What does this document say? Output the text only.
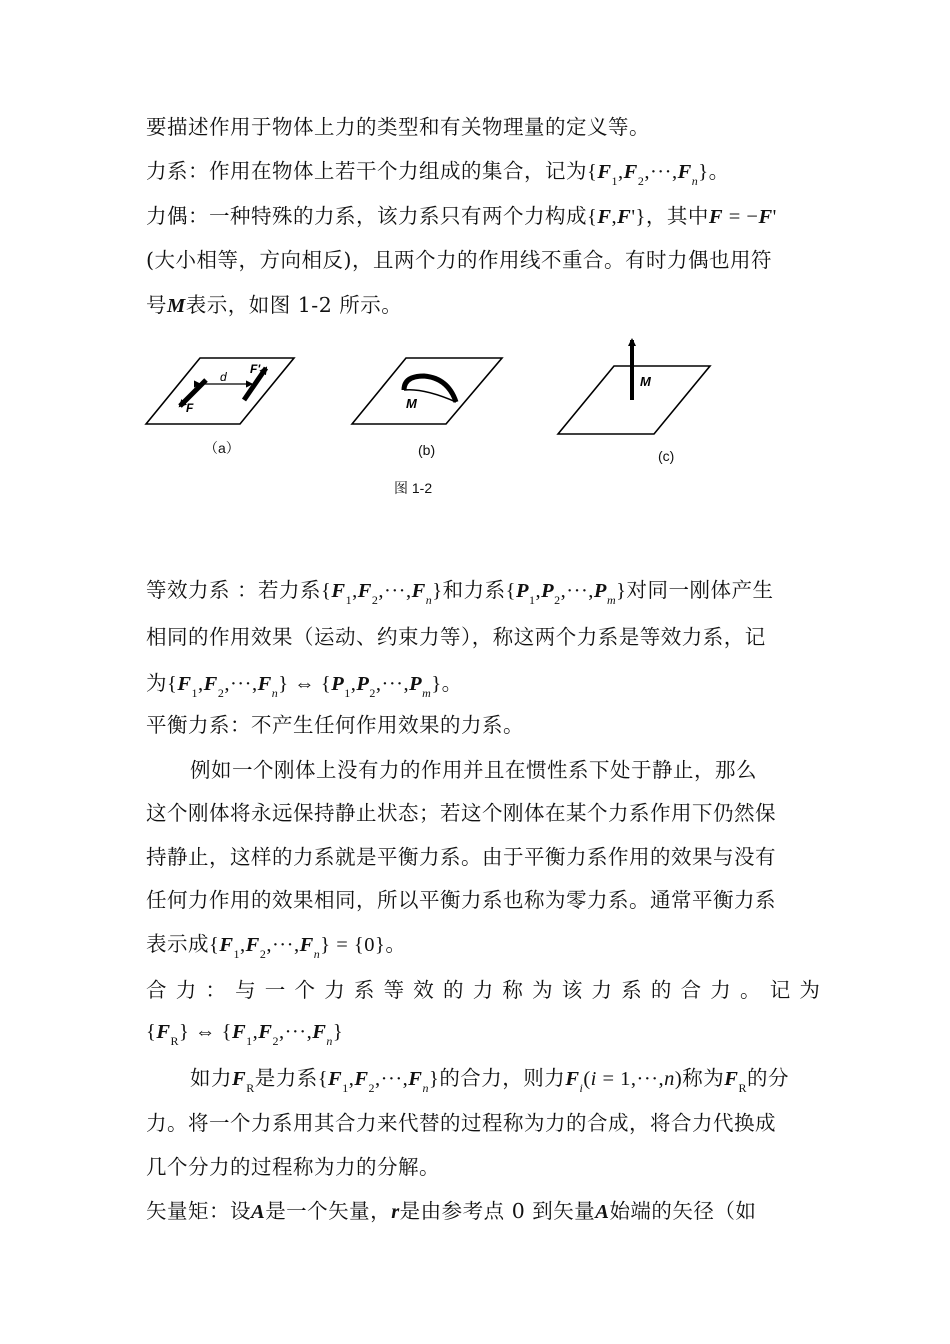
要描述作用于物体上力的类型和有关物理量的定义等。
力系：作用在物体上若干个力组成的集合，记为$\{F_1,F_2,\cdot\cdot\cdot,F_n\}$。
力偶：一种特殊的力系，该力系只有两个力构成{F,F'}，其中F = −F'
(大小相等，方向相反)，且两个力的作用线不重合。有时力偶也用符
号M表示，如图 1-2 所示。
d
F
F'
M
M
（a）	(b)	(c)
图 1-2
等效力系 ：若力系$\{F_1,F_2,\cdot\cdot\cdot,F_n\}$和力系$\{P_1,P_2,\cdot\cdot\cdot,P_m\}$对同一刚体产生
相同的作用效果（运动、约束力等），称这两个力系是等效力系，记
为$\{F_1,F_2,\cdot\cdot\cdot,F_n\}$ ⇔ $\{P_1,P_2,\cdot\cdot\cdot,P_m\}$。
平衡力系：不产生任何作用效果的力系。
例如一个刚体上没有力的作用并且在惯性系下处于静止，那么
这个刚体将永远保持静止状态；若这个刚体在某个力系作用下仍然保
持静止，这样的力系就是平衡力系。由于平衡力系作用的效果与没有
任何力作用的效果相同，所以平衡力系也称为零力系。通常平衡力系
表示成$\{F_1,F_2,\cdot\cdot\cdot,F_n\} = \{0\}$。
合力：与一个力系等效的力称为该力系的合力。记为
$\{F_R\}$ ⇔ $\{F_1,F_2,\cdot\cdot\cdot,F_n\}$
如力$F_R$是力系$\{F_1,F_2,\cdot\cdot\cdot,F_n\}$的合力，则力$F_i(i = 1,\cdot\cdot\cdot,n)$称为$F_R$的分
力。将一个力系用其合力来代替的过程称为力的合成，将合力代换成
几个分力的过程称为力的分解。
矢量矩：设A是一个矢量，r是由参考点 0 到矢量A始端的矢径（如
